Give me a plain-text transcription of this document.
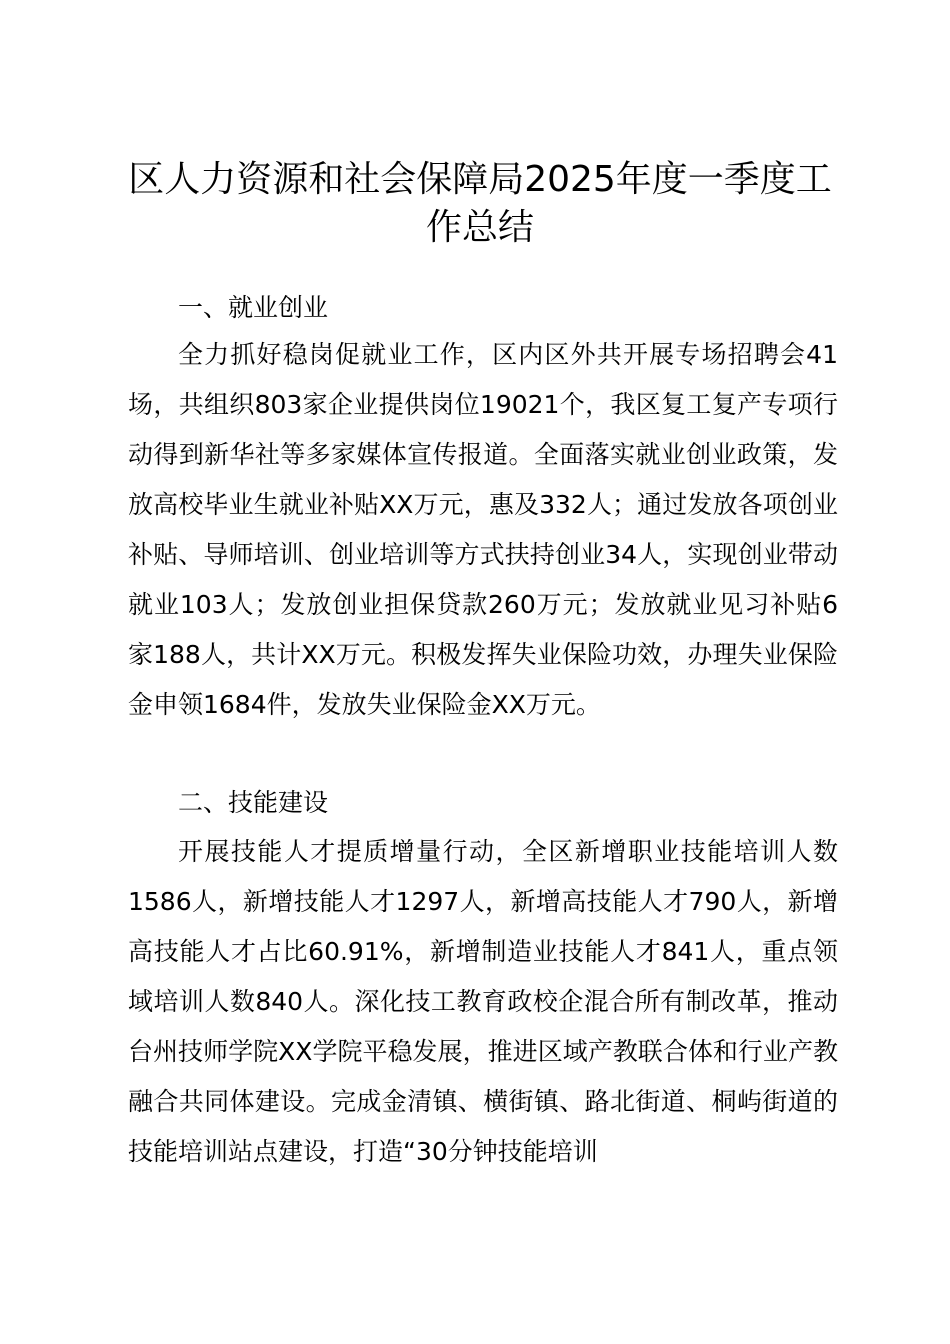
区人力资源和社会保障局2025年度一季度工作总结
一、就业创业

全力抓好稳岗促就业工作，区内区外共开展专场招聘会41场，共组织803家企业提供岗位19021个，我区复工复产专项行动得到新华社等多家媒体宣传报道。全面落实就业创业政策，发放高校毕业生就业补贴XX万元，惠及332人；通过发放各项创业补贴、导师培训、创业培训等方式扶持创业34人，实现创业带动就业103人；发放创业担保贷款260万元；发放就业见习补贴6家188人，共计XX万元。积极发挥失业保险功效，办理失业保险金申领1684件，发放失业保险金XX万元。

二、技能建设

开展技能人才提质增量行动，全区新增职业技能培训人数1586人，新增技能人才1297人，新增高技能人才790人，新增高技能人才占比60.91%，新增制造业技能人才841人，重点领域培训人数840人。深化技工教育政校企混合所有制改革，推动台州技师学院XX学院平稳发展，推进区域产教联合体和行业产教融合共同体建设。完成金清镇、横街镇、路北街道、桐屿街道的技能培训站点建设，打造“30分钟技能培训
